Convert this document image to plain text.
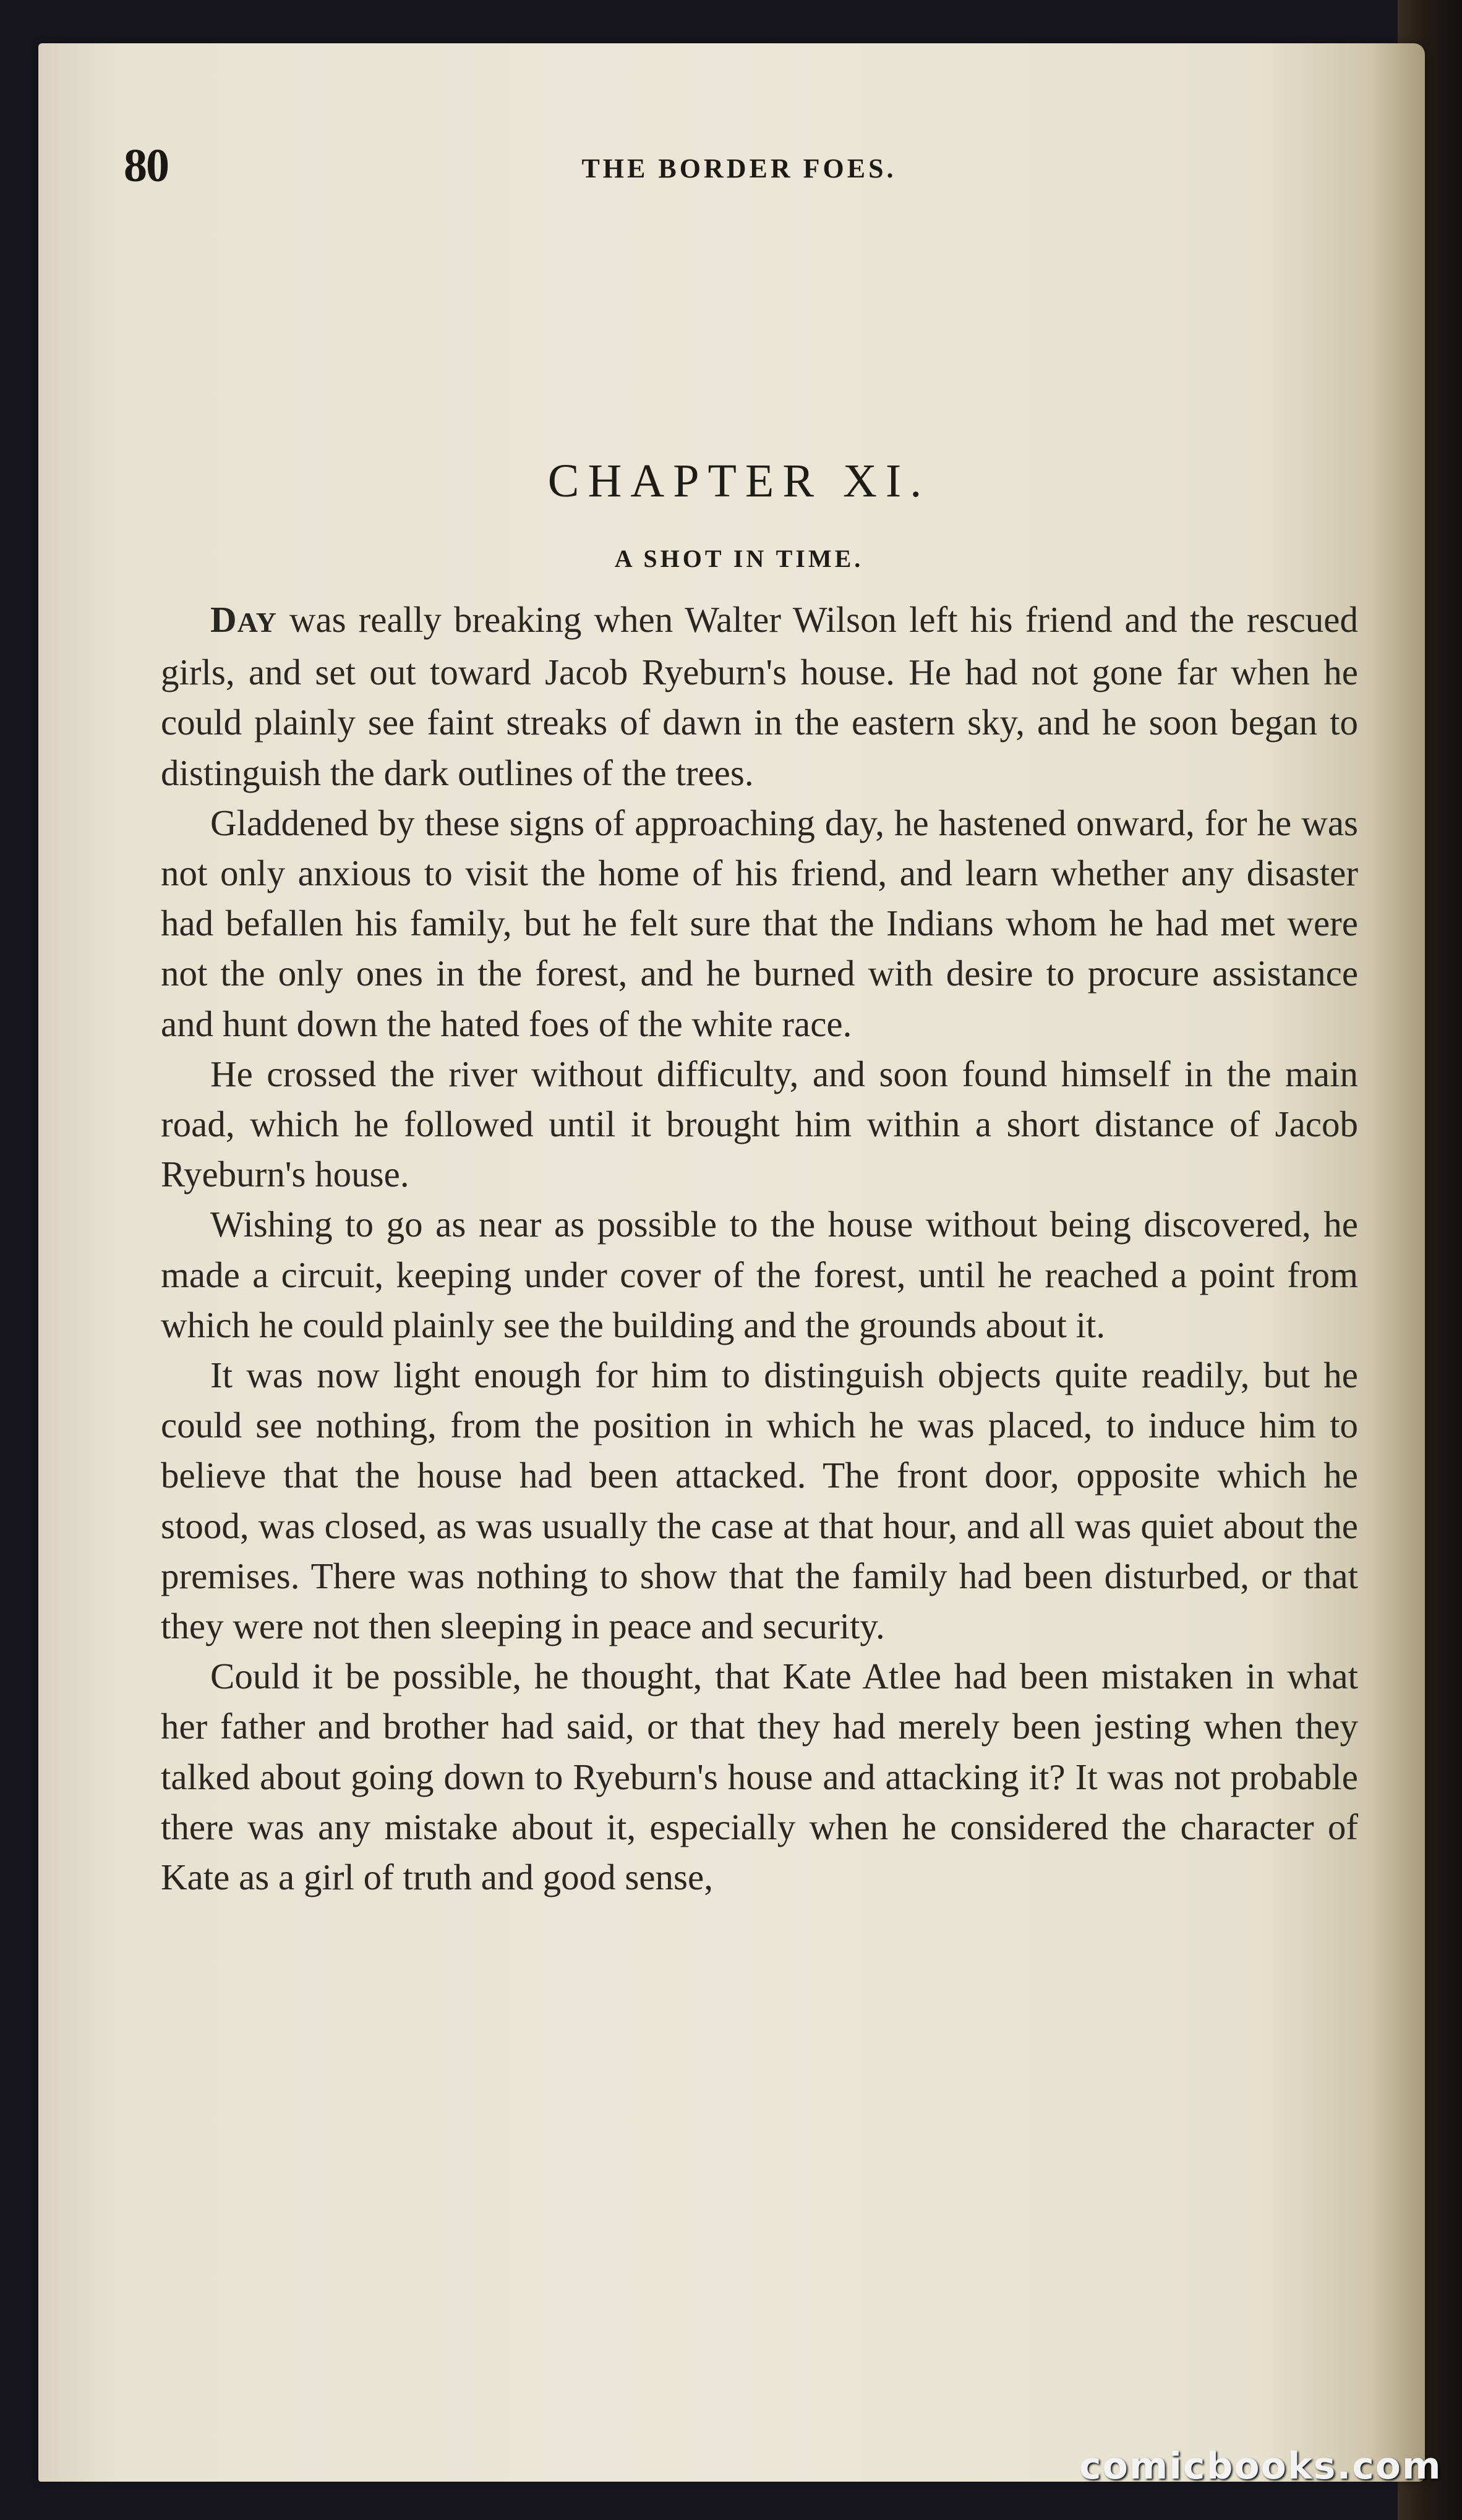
80	THE BORDER FOES.
CHAPTER XI.
A SHOT IN TIME.

DAY was really breaking when Walter Wilson left his friend and the rescued girls, and set out toward Jacob Ryeburn's house. He had not gone far when he could plainly see faint streaks of dawn in the eastern sky, and he soon began to distinguish the dark outlines of the trees.

Gladdened by these signs of approaching day, he hastened onward, for he was not only anxious to visit the home of his friend, and learn whether any disaster had befallen his family, but he felt sure that the Indians whom he had met were not the only ones in the forest, and he burned with desire to procure assistance and hunt down the hated foes of the white race.

He crossed the river without difficulty, and soon found himself in the main road, which he followed until it brought him within a short distance of Jacob Ryeburn's house.

Wishing to go as near as possible to the house without being discovered, he made a circuit, keeping under cover of the forest, until he reached a point from which he could plainly see the building and the grounds about it.

It was now light enough for him to distinguish objects quite readily, but he could see nothing, from the position in which he was placed, to induce him to believe that the house had been attacked. The front door, opposite which he stood, was closed, as was usually the case at that hour, and all was quiet about the premises. There was nothing to show that the family had been disturbed, or that they were not then sleeping in peace and security.

Could it be possible, he thought, that Kate Atlee had been mistaken in what her father and brother had said, or that they had merely been jesting when they talked about going down to Ryeburn's house and attacking it? It was not probable there was any mistake about it, especially when he considered the character of Kate as a girl of truth and good sense,

comicbooks.com
